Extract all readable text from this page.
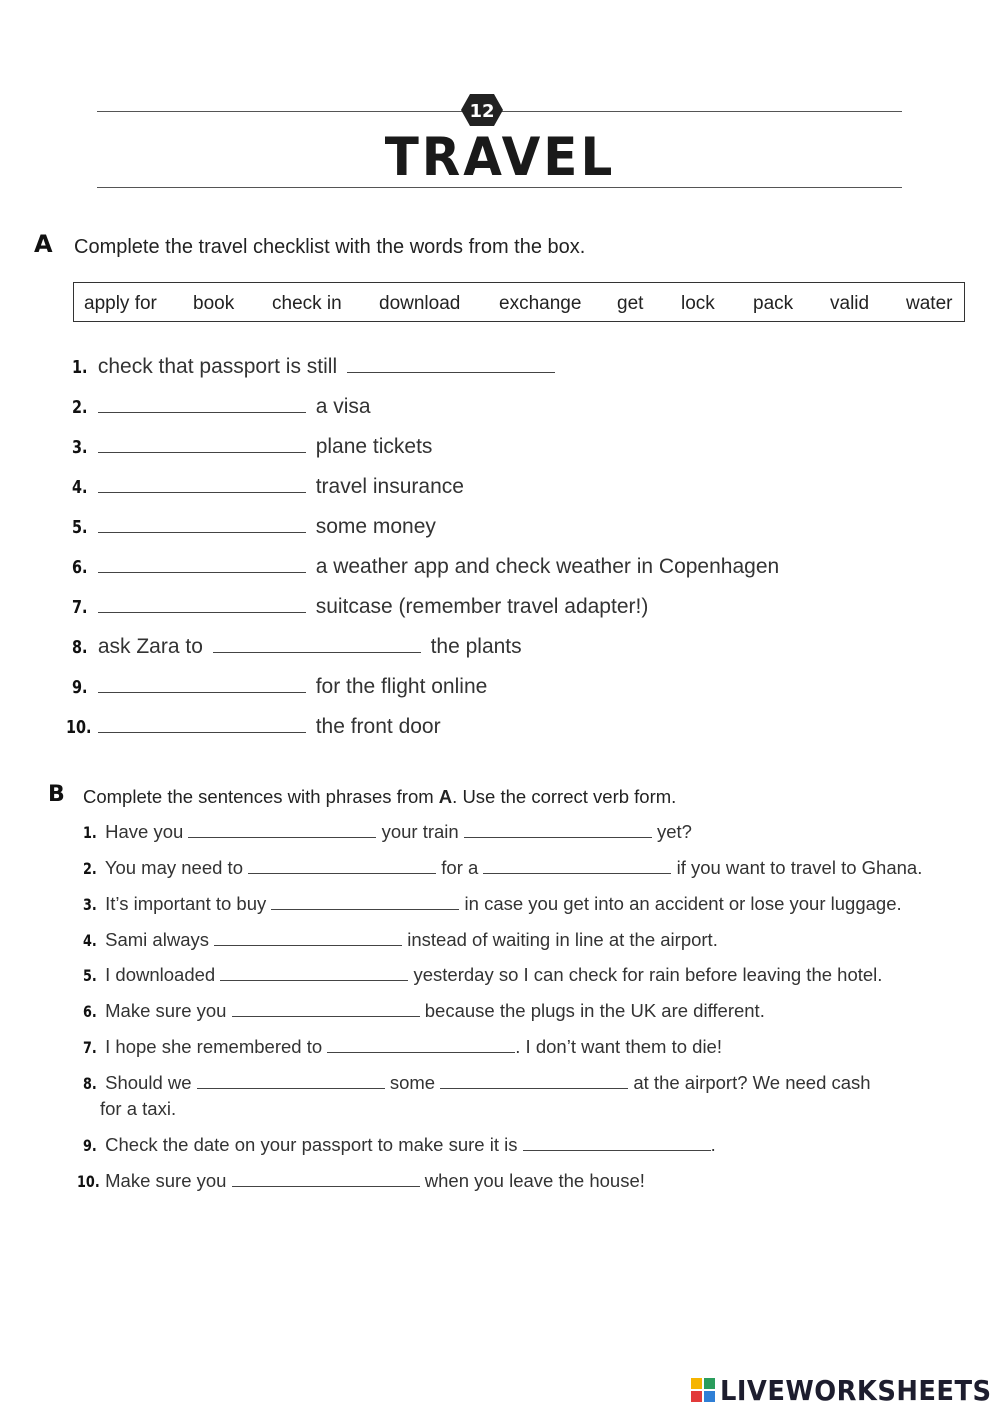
12
TRAVEL
A Complete the travel checklist with the words from the box.
apply for book check in download exchange get lock pack valid water
1. check that passport is still
2.	a visa
3.	plane tickets
4.	travel insurance
5.	some money
6.	a weather app and check weather in Copenhagen
7.	suitcase (remember travel adapter!)
8. ask Zara to	the plants
9.	for the flight online
10.	the front door
B Complete the sentences with phrases from A. Use the correct verb form.
1. Have you	your train	yet?
2. You may need to	for a	if you want to travel to Ghana.
3. It’s important to buy	in case you get into an accident or lose your luggage.
4. Sami always	instead of waiting in line at the airport.
5. I downloaded	yesterday so I can check for rain before leaving the hotel.
6. Make sure you	because the plugs in the UK are different.
7. I hope she remembered to	. I don’t want them to die!
8. Should we	some	at the airport? We need cash
for a taxi.
9. Check the date on your passport to make sure it is	.
10. Make sure you	when you leave the house!
LIVEWORKSHEETS
